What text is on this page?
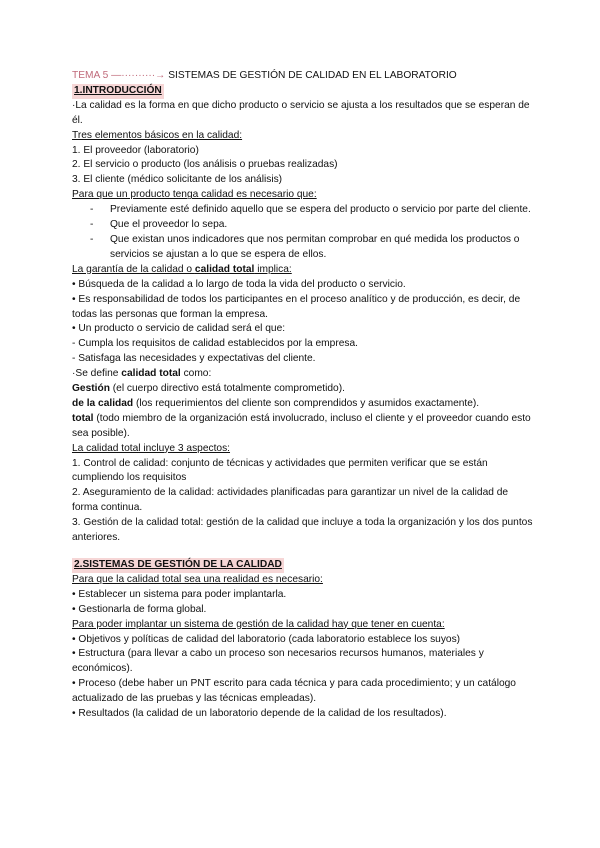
TEMA 5 —··········→ SISTEMAS DE GESTIÓN DE CALIDAD EN EL LABORATORIO
1.INTRODUCCIÓN
·La calidad es la forma en que dicho producto o servicio se ajusta a los resultados que se esperan de él.
Tres elementos básicos en la calidad:
1. El proveedor (laboratorio)
2. El servicio o producto (los análisis o pruebas realizadas)
3. El cliente (médico solicitante de los análisis)
Para que un producto tenga calidad es necesario que:
-	Previamente esté definido aquello que se espera del producto o servicio por parte del cliente.
-	Que el proveedor lo sepa.
-	Que existan unos indicadores que nos permitan comprobar en qué medida los productos o servicios se ajustan a lo que se espera de ellos.
La garantía de la calidad o calidad total implica:
• Búsqueda de la calidad a lo largo de toda la vida del producto o servicio.
• Es responsabilidad de todos los participantes en el proceso analítico y de producción, es decir, de todas las personas que forman la empresa.
• Un producto o servicio de calidad será el que:
- Cumpla los requisitos de calidad establecidos por la empresa.
- Satisfaga las necesidades y expectativas del cliente.
·Se define calidad total como:
Gestión (el cuerpo directivo está totalmente comprometido).
de la calidad (los requerimientos del cliente son comprendidos y asumidos exactamente).
total (todo miembro de la organización está involucrado, incluso el cliente y el proveedor cuando esto sea posible).
La calidad total incluye 3 aspectos:
1. Control de calidad: conjunto de técnicas y actividades que permiten verificar que se están cumpliendo los requisitos
2. Aseguramiento de la calidad: actividades planificadas para garantizar un nivel de la calidad de forma continua.
3. Gestión de la calidad total: gestión de la calidad que incluye a toda la organización y los dos puntos anteriores.
2.SISTEMAS DE GESTIÓN DE LA CALIDAD
Para que la calidad total sea una realidad es necesario:
• Establecer un sistema para poder implantarla.
• Gestionarla de forma global.
Para poder implantar un sistema de gestión de la calidad hay que tener en cuenta:
• Objetivos y políticas de calidad del laboratorio (cada laboratorio establece los suyos)
• Estructura (para llevar a cabo un proceso son necesarios recursos humanos, materiales y económicos).
• Proceso (debe haber un PNT escrito para cada técnica y para cada procedimiento; y un catálogo actualizado de las pruebas y las técnicas empleadas).
• Resultados (la calidad de un laboratorio depende de la calidad de los resultados).
